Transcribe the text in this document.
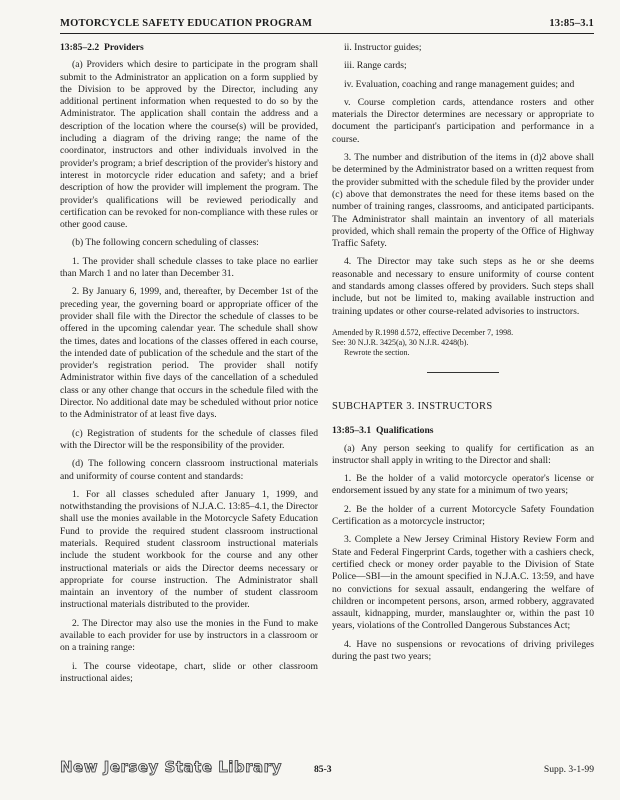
MOTORCYCLE SAFETY EDUCATION PROGRAM	13:85–3.1
13:85–2.2 Providers
(a) Providers which desire to participate in the program shall submit to the Administrator an application on a form supplied by the Division to be approved by the Director, including any additional pertinent information when requested to do so by the Administrator. The application shall contain the address and a description of the location where the course(s) will be provided, including a diagram of the driving range; the name of the coordinator, instructors and other individuals involved in the provider's program; a brief description of the provider's history and interest in motorcycle rider education and safety; and a brief description of how the provider will implement the program. The provider's qualifications will be reviewed periodically and certification can be revoked for non-compliance with these rules or other good cause.
(b) The following concern scheduling of classes:
1. The provider shall schedule classes to take place no earlier than March 1 and no later than December 31.
2. By January 6, 1999, and, thereafter, by December 1st of the preceding year, the governing board or appropriate officer of the provider shall file with the Director the schedule of classes to be offered in the upcoming calendar year. The schedule shall show the times, dates and locations of the classes offered in each course, the intended date of publication of the schedule and the start of the provider's registration period. The provider shall notify Administrator within five days of the cancellation of a scheduled class or any other change that occurs in the schedule filed with the Director. No additional date may be scheduled without prior notice to the Administrator of at least five days.
(c) Registration of students for the schedule of classes filed with the Director will be the responsibility of the provider.
(d) The following concern classroom instructional materials and uniformity of course content and standards:
1. For all classes scheduled after January 1, 1999, and notwithstanding the provisions of N.J.A.C. 13:85–4.1, the Director shall use the monies available in the Motorcycle Safety Education Fund to provide the required student classroom instructional materials. Required student classroom instructional materials include the student workbook for the course and any other instructional materials or aids the Director deems necessary or appropriate for course instruction. The Administrator shall maintain an inventory of the number of student classroom instructional materials distributed to the provider.
2. The Director may also use the monies in the Fund to make available to each provider for use by instructors in a classroom or on a training range:
i. The course videotape, chart, slide or other classroom instructional aides;
ii. Instructor guides;
iii. Range cards;
iv. Evaluation, coaching and range management guides; and
v. Course completion cards, attendance rosters and other materials the Director determines are necessary or appropriate to document the participant's participation and performance in a course.
3. The number and distribution of the items in (d)2 above shall be determined by the Administrator based on a written request from the provider submitted with the schedule filed by the provider under (c) above that demonstrates the need for these items based on the number of training ranges, classrooms, and anticipated participants. The Administrator shall maintain an inventory of all materials provided, which shall remain the property of the Office of Highway Traffic Safety.
4. The Director may take such steps as he or she deems reasonable and necessary to ensure uniformity of course content and standards among classes offered by providers. Such steps shall include, but not be limited to, making available instruction and training updates or other course-related advisories to instructors.
Amended by R.1998 d.572, effective December 7, 1998.
See: 30 N.J.R. 3425(a), 30 N.J.R. 4248(b).

Rewrote the section.
SUBCHAPTER 3. INSTRUCTORS
13:85–3.1 Qualifications
(a) Any person seeking to qualify for certification as an instructor shall apply in writing to the Director and shall:
1. Be the holder of a valid motorcycle operator's license or endorsement issued by any state for a minimum of two years;
2. Be the holder of a current Motorcycle Safety Foundation Certification as a motorcycle instructor;
3. Complete a New Jersey Criminal History Review Form and State and Federal Fingerprint Cards, together with a cashiers check, certified check or money order payable to the Division of State Police—SBI—in the amount specified in N.J.A.C. 13:59, and have no convictions for sexual assault, endangering the welfare of children or incompetent persons, arson, armed robbery, aggravated assault, kidnapping, murder, manslaughter or, within the past 10 years, violations of the Controlled Dangerous Substances Act;
4. Have no suspensions or revocations of driving privileges during the past two years;
New Jersey State Library	85-3	Supp. 3-1-99
